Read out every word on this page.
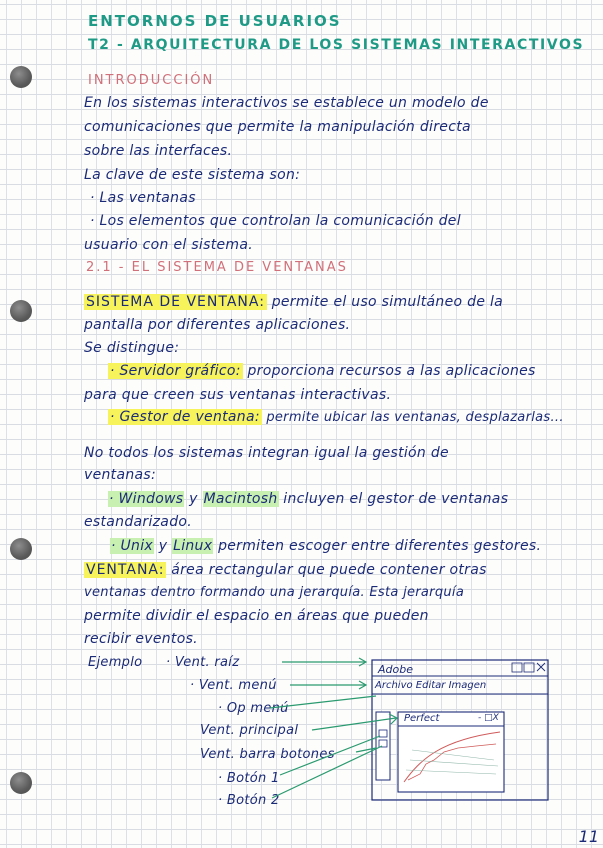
ENTORNOS DE USUARIOS
T2 - ARQUITECTURA DE LOS SISTEMAS INTERACTIVOS
INTRODUCCIÓN
En los sistemas interactivos se establece un modelo de
comunicaciones que permite la manipulación directa
sobre las interfaces.
La clave de este sistema son:
· Las ventanas
· Los elementos que controlan la comunicación del
usuario con el sistema.
2.1 - EL SISTEMA DE VENTANAS
SISTEMA DE VENTANA: permite el uso simultáneo de la
pantalla por diferentes aplicaciones.
Se distingue:
· Servidor gráfico: proporciona recursos a las aplicaciones
para que creen sus ventanas interactivas.
· Gestor de ventana: permite ubicar las ventanas, desplazarlas...
No todos los sistemas integran igual la gestión de
ventanas:
· Windows y Macintosh incluyen el gestor de ventanas
estandarizado.
· Unix y Linux permiten escoger entre diferentes gestores.
VENTANA: área rectangular que puede contener otras
ventanas dentro formando una jerarquía. Esta jerarquía
permite dividir el espacio en áreas que pueden
recibir eventos.
Ejemplo · Vent. raíz
· Vent. menú
· Op menú
Vent. principal
Vent. barra botones
· Botón 1
· Botón 2
Adobe
Archivo Editar Imagen
Perfect	- □X
11
